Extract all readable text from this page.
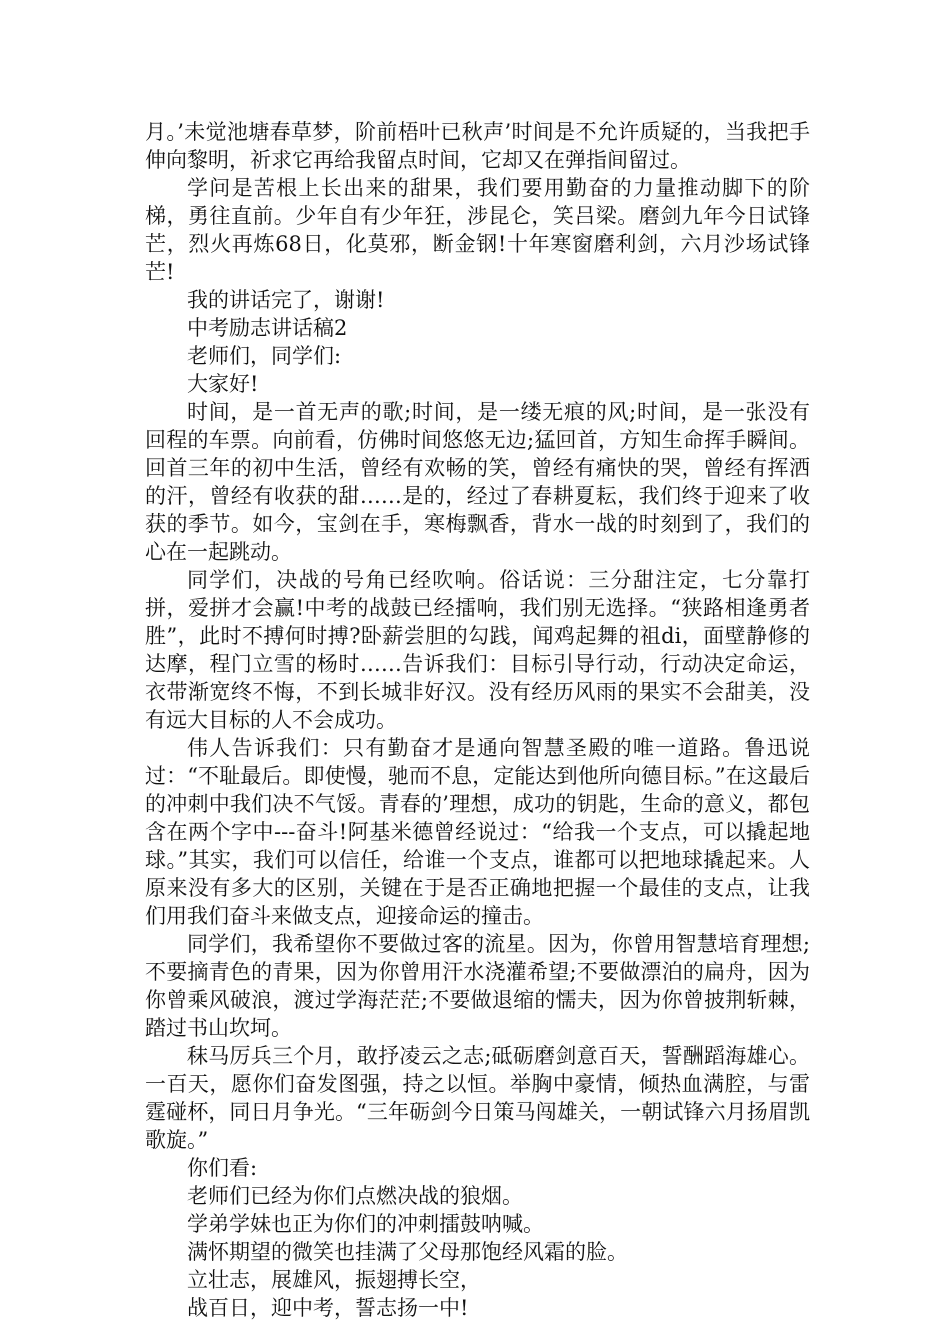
月。’未觉池塘春草梦，阶前梧叶已秋声’时间是不允许质疑的，当我把手伸向黎明，祈求它再给我留点时间，它却又在弹指间留过。

学问是苦根上长出来的甜果，我们要用勤奋的力量推动脚下的阶梯，勇往直前。少年自有少年狂，涉昆仑，笑吕梁。磨剑九年今日试锋芒，烈火再炼68日，化莫邪，断金钢!十年寒窗磨利剑，六月沙场试锋芒!

我的讲话完了，谢谢!

中考励志讲话稿2

老师们，同学们:

大家好!

时间，是一首无声的歌;时间，是一缕无痕的风;时间，是一张没有回程的车票。向前看，仿佛时间悠悠无边;猛回首，方知生命挥手瞬间。回首三年的初中生活，曾经有欢畅的笑，曾经有痛快的哭，曾经有挥洒的汗，曾经有收获的甜……是的，经过了春耕夏耘，我们终于迎来了收获的季节。如今，宝剑在手，寒梅飘香，背水一战的时刻到了，我们的心在一起跳动。

同学们，决战的号角已经吹响。俗话说：三分甜注定，七分靠打拼，爱拼才会赢!中考的战鼓已经擂响，我们别无选择。“狭路相逢勇者胜”，此时不搏何时搏?卧薪尝胆的勾践，闻鸡起舞的祖di，面壁静修的达摩，程门立雪的杨时……告诉我们：目标引导行动，行动决定命运，衣带渐宽终不悔，不到长城非好汉。没有经历风雨的果实不会甜美，没有远大目标的人不会成功。

伟人告诉我们：只有勤奋才是通向智慧圣殿的唯一道路。鲁迅说过：“不耻最后。即使慢，驰而不息，定能达到他所向德目标。”在这最后的冲刺中我们决不气馁。青春的’理想，成功的钥匙，生命的意义，都包含在两个字中---奋斗!阿基米德曾经说过：“给我一个支点，可以撬起地球。”其实，我们可以信任，给谁一个支点，谁都可以把地球撬起来。人原来没有多大的区别，关键在于是否正确地把握一个最佳的支点，让我们用我们奋斗来做支点，迎接命运的撞击。

同学们，我希望你不要做过客的流星。因为，你曾用智慧培育理想;不要摘青色的青果，因为你曾用汗水浇灌希望;不要做漂泊的扁舟，因为你曾乘风破浪，渡过学海茫茫;不要做退缩的懦夫，因为你曾披荆斩棘，踏过书山坎坷。

秣马厉兵三个月，敢抒凌云之志;砥砺磨剑意百天，誓酬蹈海雄心。一百天，愿你们奋发图强，持之以恒。举胸中豪情，倾热血满腔，与雷霆碰杯，同日月争光。“三年砺剑今日策马闯雄关，一朝试锋六月扬眉凯歌旋。”

你们看:

老师们已经为你们点燃决战的狼烟。

学弟学妹也正为你们的冲刺擂鼓呐喊。

满怀期望的微笑也挂满了父母那饱经风霜的脸。

立壮志，展雄风，振翅搏长空，

战百日，迎中考，誓志扬一中!
